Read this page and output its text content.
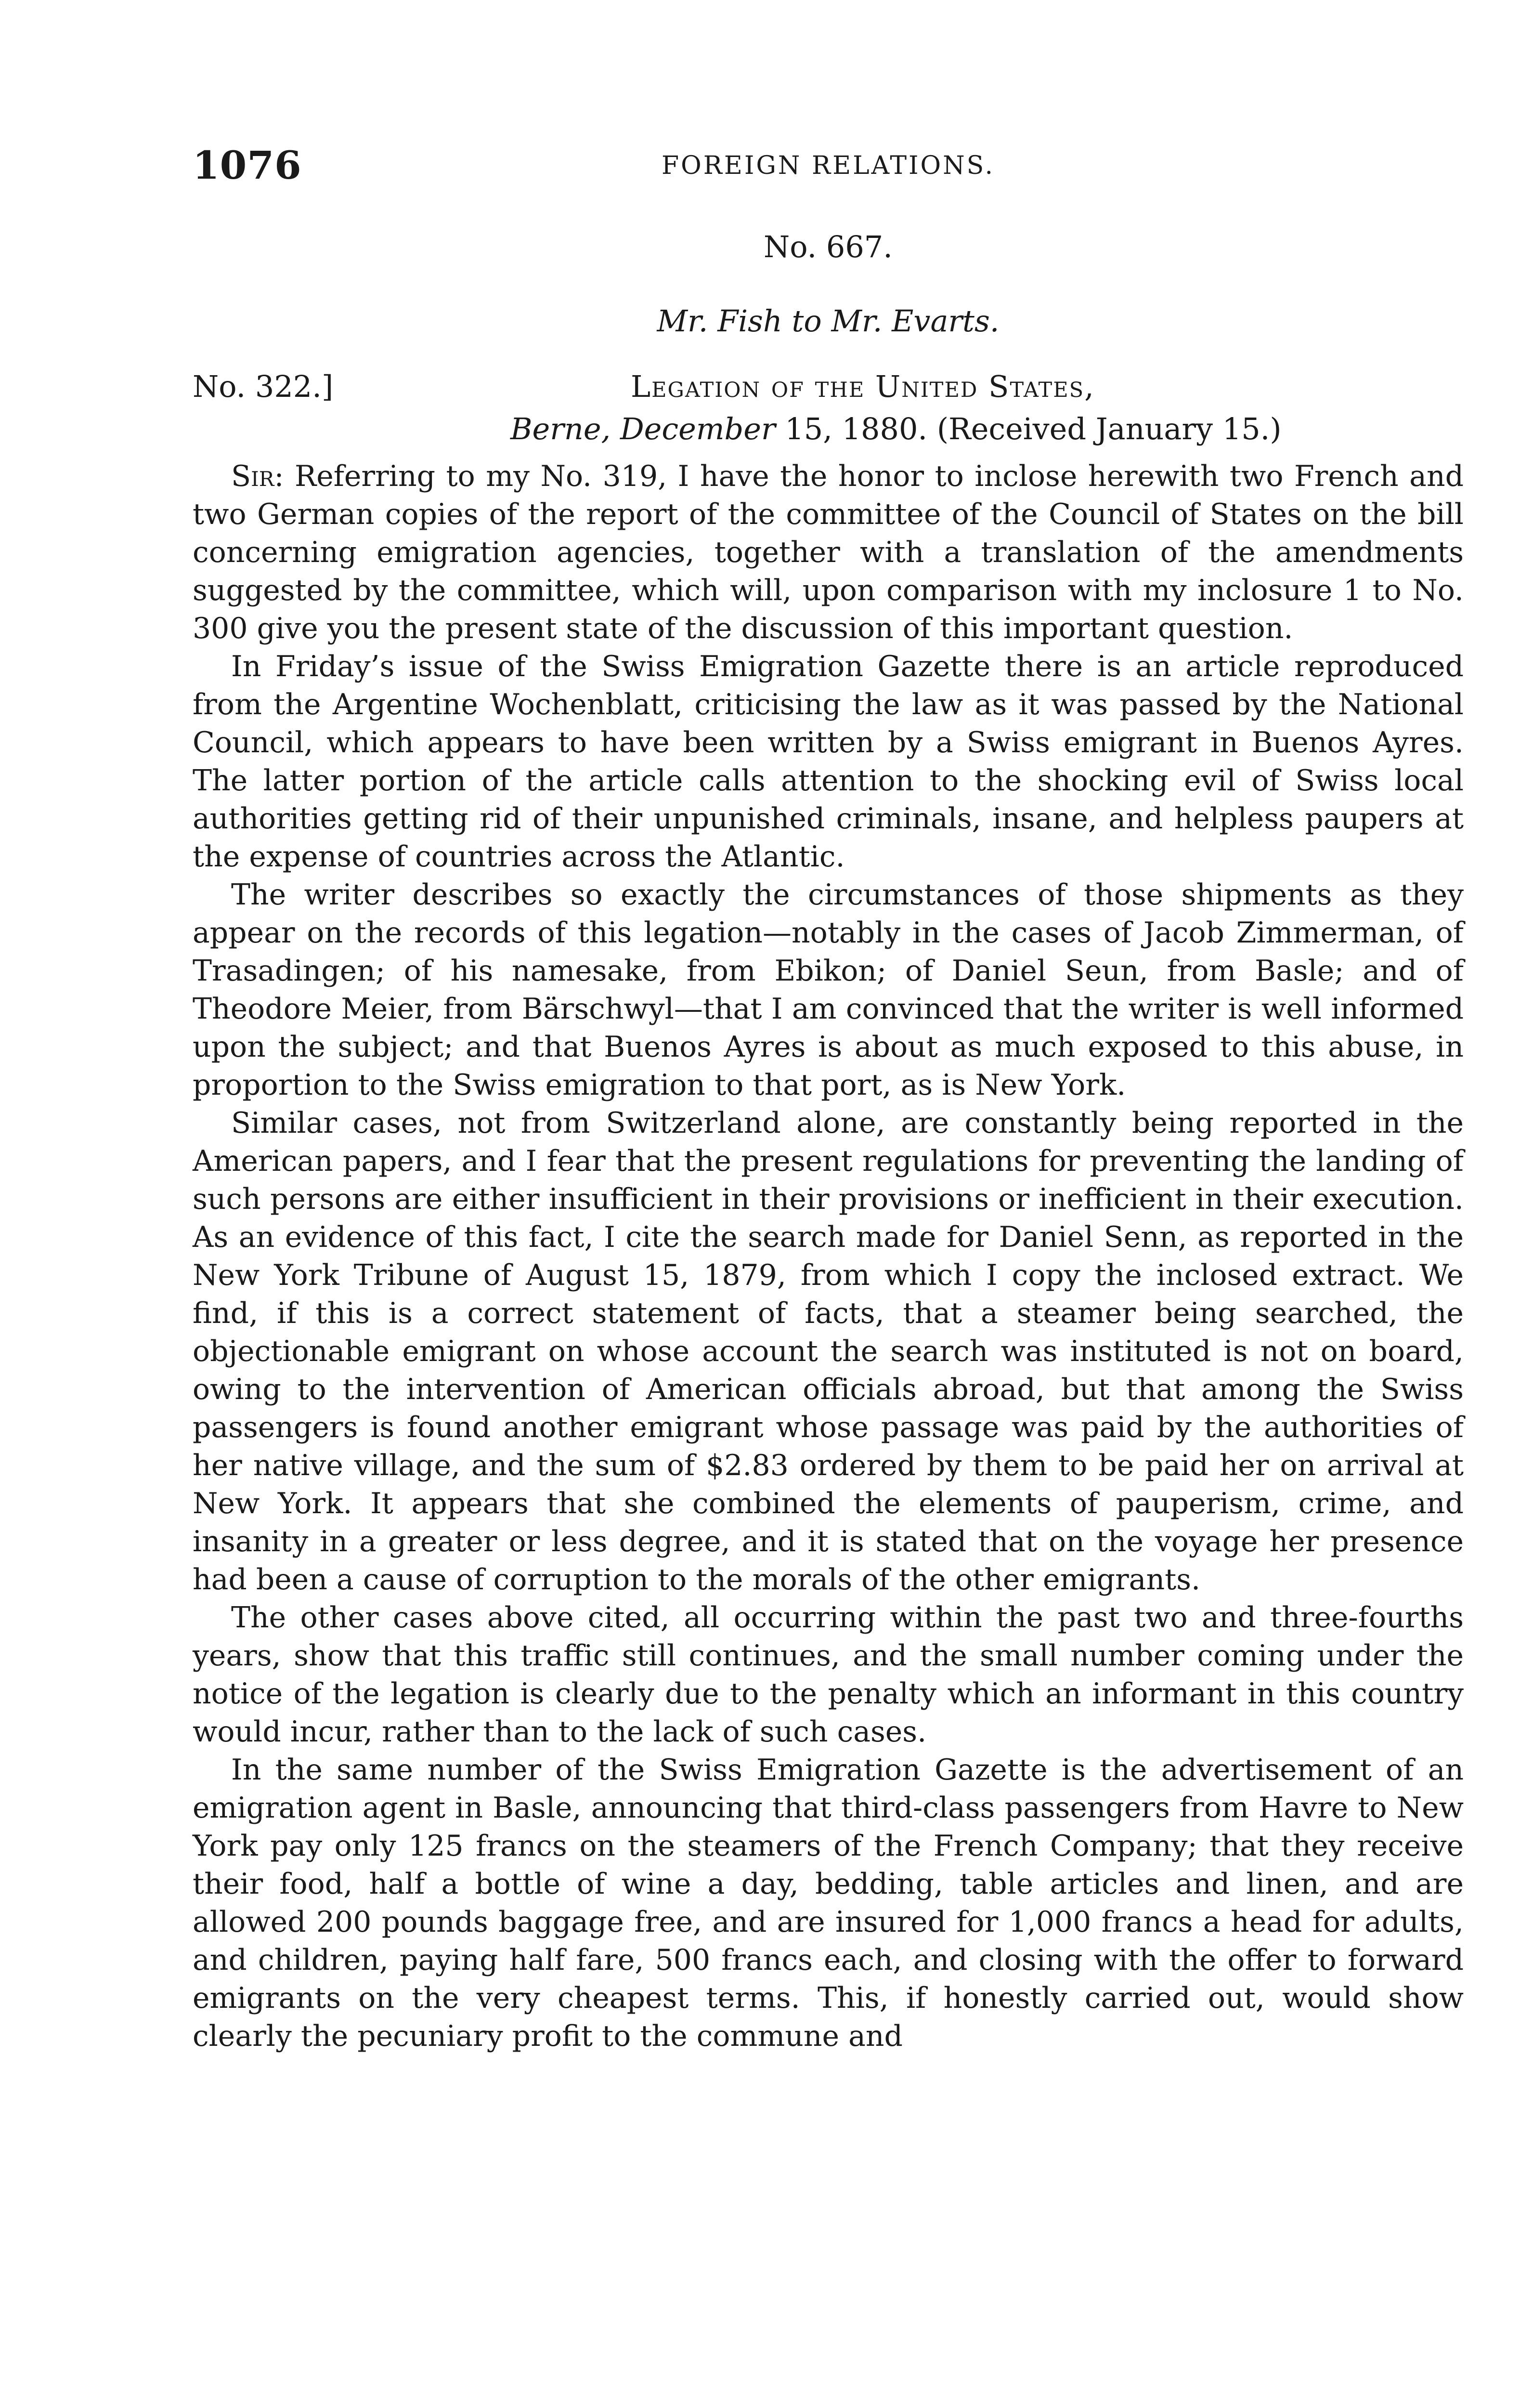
1076	FOREIGN RELATIONS.
No. 667.
Mr. Fish to Mr. Evarts.
No. 322.]	Legation of the United States,
Berne, December 15, 1880. (Received January 15.)

Sir: Referring to my No. 319, I have the honor to inclose herewith two French and two German copies of the report of the committee of the Council of States on the bill concerning emigration agencies, together with a translation of the amendments suggested by the committee, which will, upon comparison with my inclosure 1 to No. 300 give you the present state of the discussion of this important question.

In Friday’s issue of the Swiss Emigration Gazette there is an article reproduced from the Argentine Wochenblatt, criticising the law as it was passed by the National Council, which appears to have been written by a Swiss emigrant in Buenos Ayres. The latter portion of the article calls attention to the shocking evil of Swiss local authorities getting rid of their unpunished criminals, insane, and helpless paupers at the expense of countries across the Atlantic.

The writer describes so exactly the circumstances of those shipments as they appear on the records of this legation—notably in the cases of Jacob Zimmerman, of Trasadingen; of his namesake, from Ebikon; of Daniel Seun, from Basle; and of Theodore Meier, from Bärschwyl—that I am convinced that the writer is well informed upon the subject; and that Buenos Ayres is about as much exposed to this abuse, in proportion to the Swiss emigration to that port, as is New York.

Similar cases, not from Switzerland alone, are constantly being reported in the American papers, and I fear that the present regulations for preventing the landing of such persons are either insufficient in their provisions or inefficient in their execution. As an evidence of this fact, I cite the search made for Daniel Senn, as reported in the New York Tribune of August 15, 1879, from which I copy the inclosed extract. We find, if this is a correct statement of facts, that a steamer being searched, the objectionable emigrant on whose account the search was instituted is not on board, owing to the intervention of American officials abroad, but that among the Swiss passengers is found another emigrant whose passage was paid by the authorities of her native village, and the sum of $2.83 ordered by them to be paid her on arrival at New York. It appears that she combined the elements of pauperism, crime, and insanity in a greater or less degree, and it is stated that on the voyage her presence had been a cause of corruption to the morals of the other emigrants.

The other cases above cited, all occurring within the past two and three-fourths years, show that this traffic still continues, and the small number coming under the notice of the legation is clearly due to the penalty which an informant in this country would incur, rather than to the lack of such cases.

In the same number of the Swiss Emigration Gazette is the advertisement of an emigration agent in Basle, announcing that third-class passengers from Havre to New York pay only 125 francs on the steamers of the French Company; that they receive their food, half a bottle of wine a day, bedding, table articles and linen, and are allowed 200 pounds baggage free, and are insured for 1,000 francs a head for adults, and children, paying half fare, 500 francs each, and closing with the offer to forward emigrants on the very cheapest terms. This, if honestly carried out, would show clearly the pecuniary profit to the commune and
